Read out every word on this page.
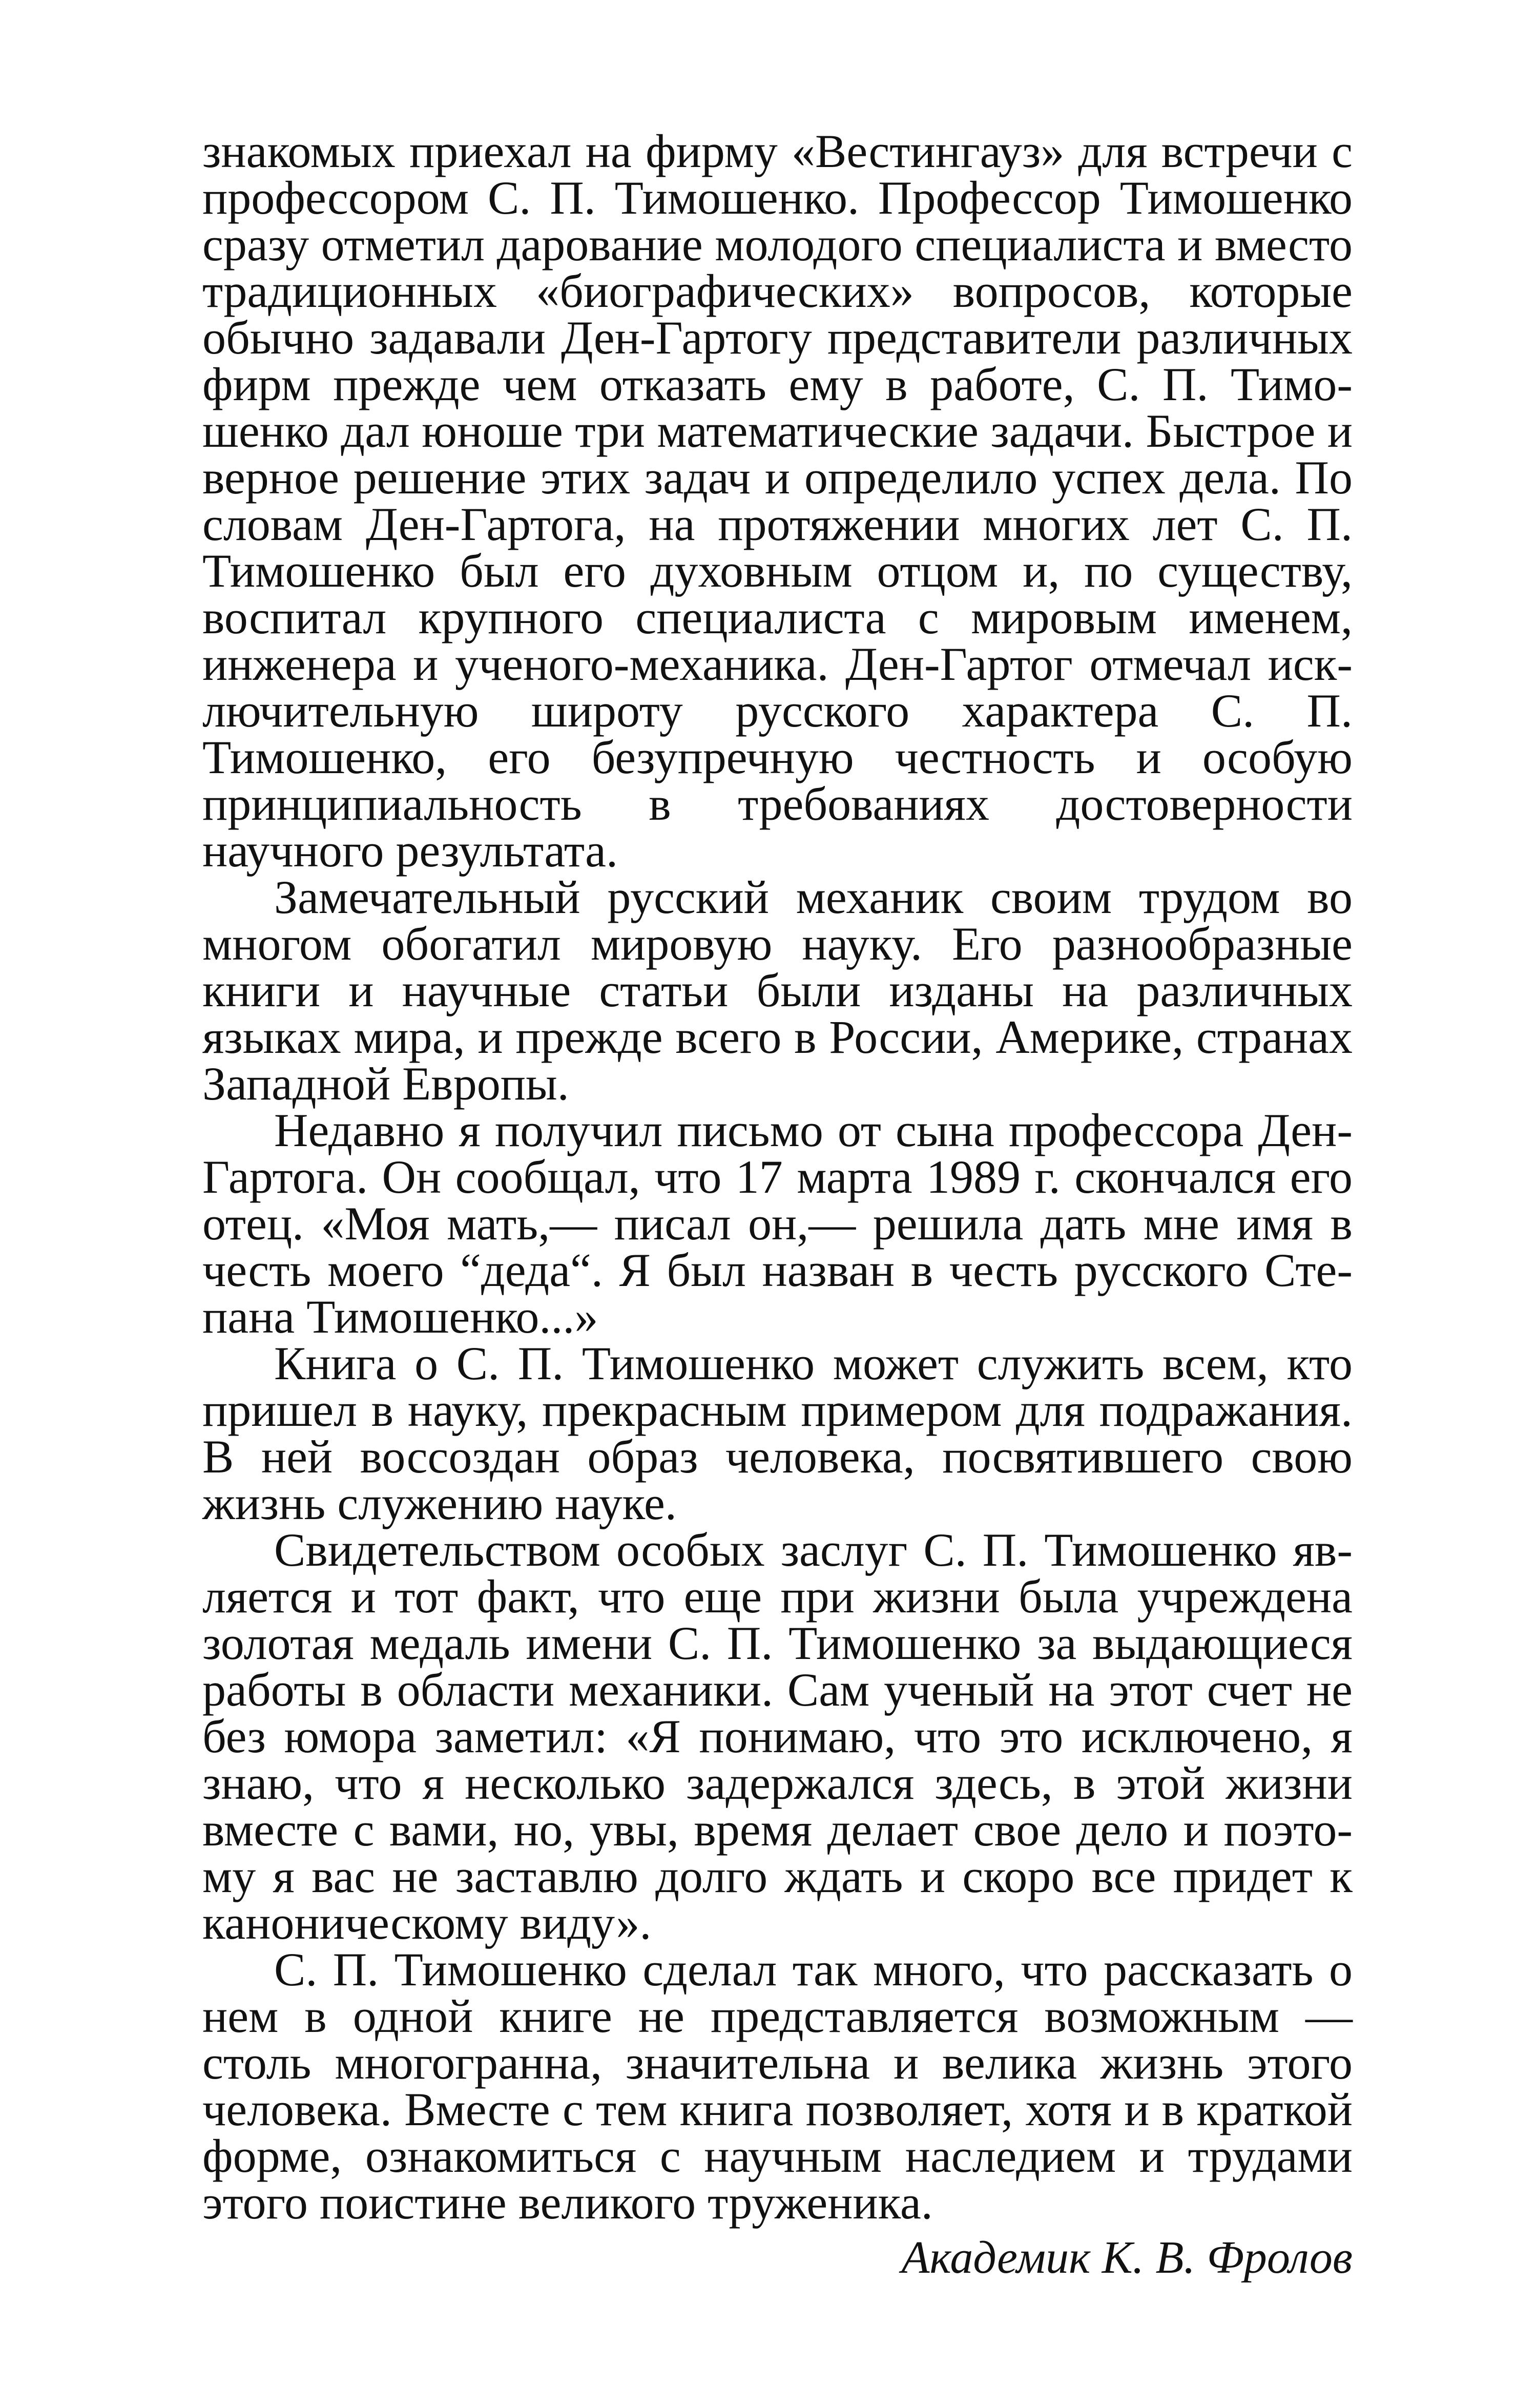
знакомых приехал на фирму «Вестингауз» для встречи с профессором С. П. Тимошенко. Профессор Тимошенко сразу отметил дарование молодого специалиста и вместо традиционных «биографических» вопросов, которые обычно задавали Ден-Гартогу представители различных фирм прежде чем отказать ему в работе, С. П. Тимошенко дал юноше три математические задачи. Быстрое и верное решение этих задач и определило успех дела. По словам Ден-Гартога, на протяжении многих лет С. П. Тимошенко был его духовным отцом и, по существу, воспитал крупного специалиста с мировым именем, инженера и ученого-механика. Ден-Гартог отмечал исключительную широту русского характера С. П. Тимошенко, его безупречную честность и особую принципиальность в требованиях достоверности научного результата.

Замечательный русский механик своим трудом во многом обогатил мировую науку. Его разнообразные книги и научные статьи были изданы на различных языках мира, и прежде всего в России, Америке, странах Западной Европы.

Недавно я получил письмо от сына профессора Ден-Гартога. Он сообщал, что 17 марта 1989 г. скончался его отец. «Моя мать,— писал он,— решила дать мне имя в честь моего “деда“. Я был назван в честь русского Степана Тимошенко...»

Книга о С. П. Тимошенко может служить всем, кто пришел в науку, прекрасным примером для подражания. В ней воссоздан образ человека, посвятившего свою жизнь служению науке.

Свидетельством особых заслуг С. П. Тимошенко является и тот факт, что еще при жизни была учреждена золотая медаль имени С. П. Тимошенко за выдающиеся работы в области механики. Сам ученый на этот счет не без юмора заметил: «Я понимаю, что это исключено, я знаю, что я несколько задержался здесь, в этой жизни вместе с вами, но, увы, время делает свое дело и поэтому я вас не заставлю долго ждать и скоро все придет к каноническому виду».

С. П. Тимошенко сделал так много, что рассказать о нем в одной книге не представляется возможным — столь многогранна, значительна и велика жизнь этого человека. Вместе с тем книга позволяет, хотя и в краткой форме, ознакомиться с научным наследием и трудами этого поистине великого труженика.

Академик К. В. Фролов
